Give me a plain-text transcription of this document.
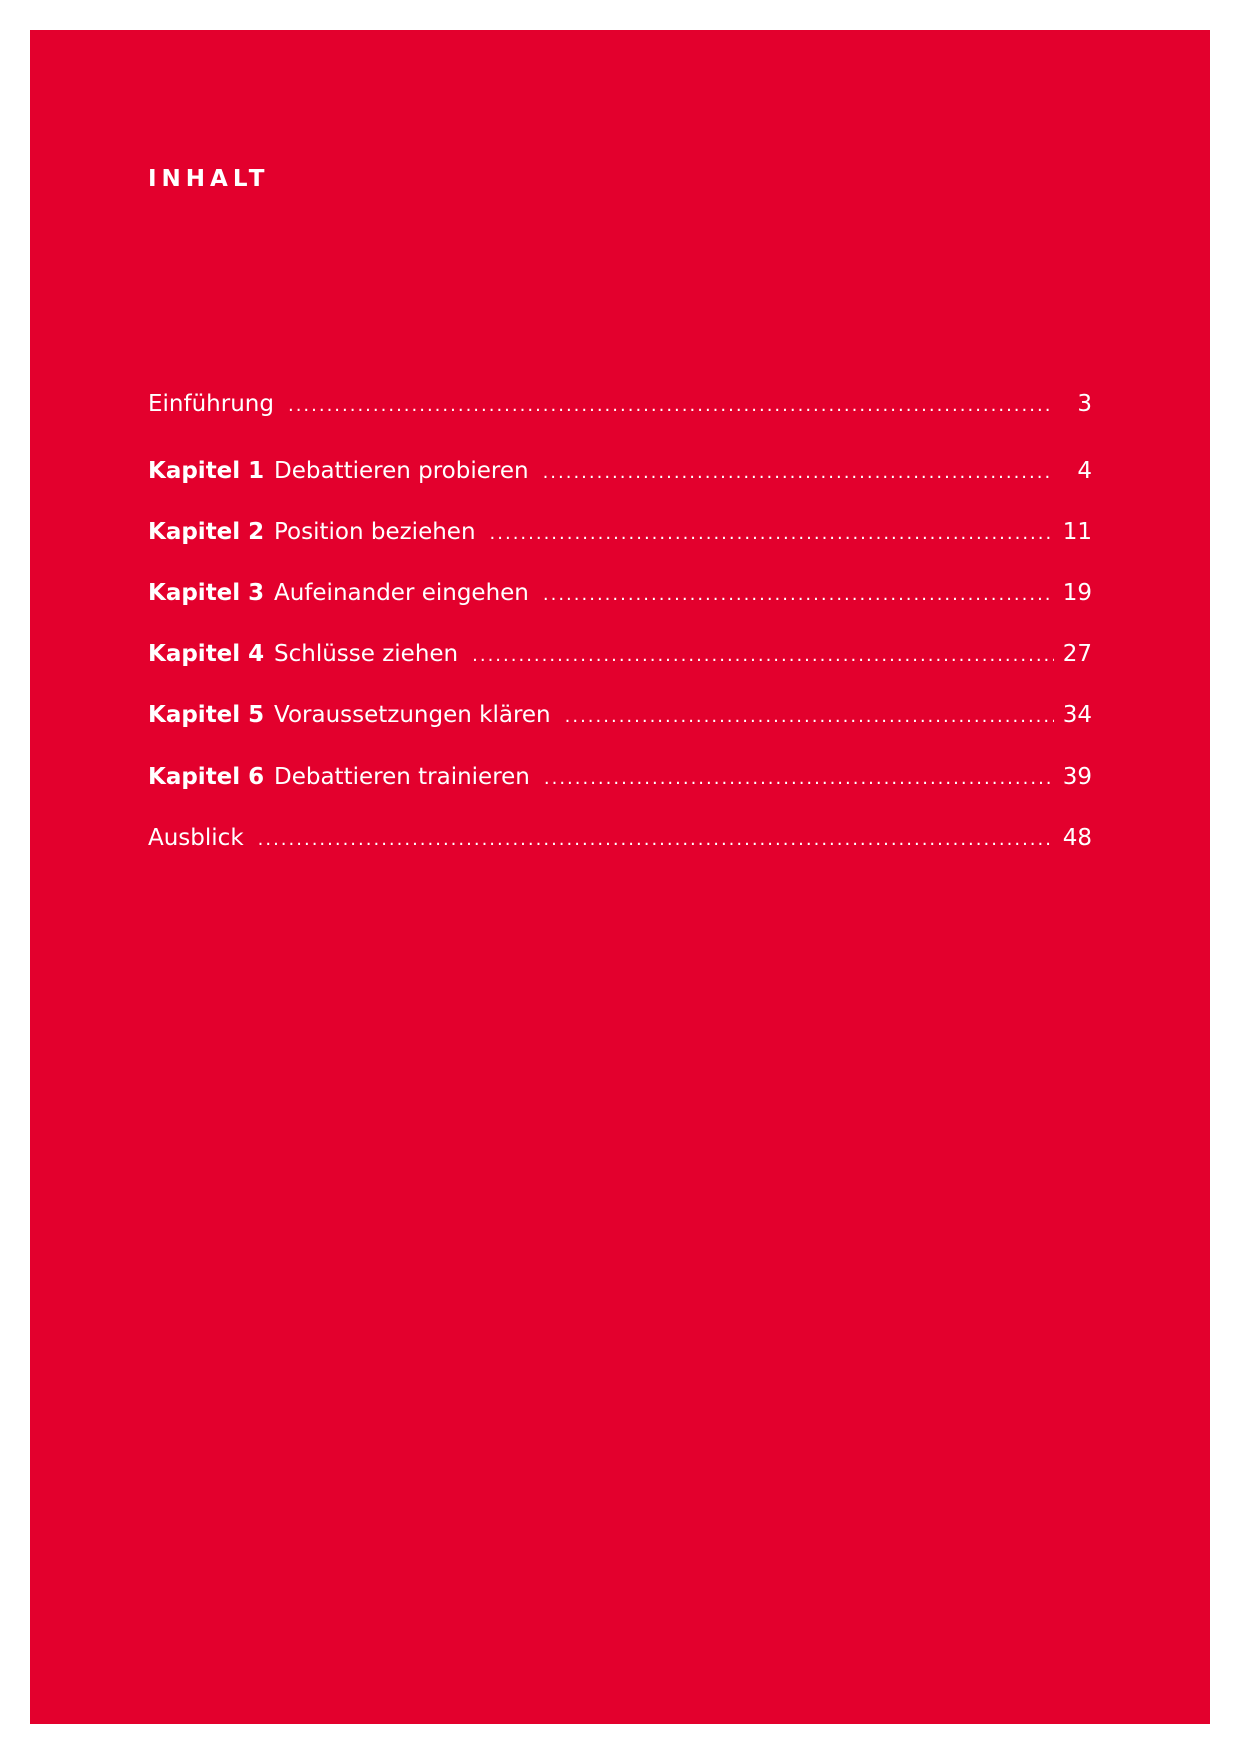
INHALT
Einführung .....	3
Kapitel 1 Debattieren probieren .....	4
Kapitel 2 Position beziehen .....	11
Kapitel 3 Aufeinander eingehen .....	19
Kapitel 4 Schlüsse ziehen .....	27
Kapitel 5 Voraussetzungen klären .....	34
Kapitel 6 Debattieren trainieren .....	39
Ausblick .....	48
